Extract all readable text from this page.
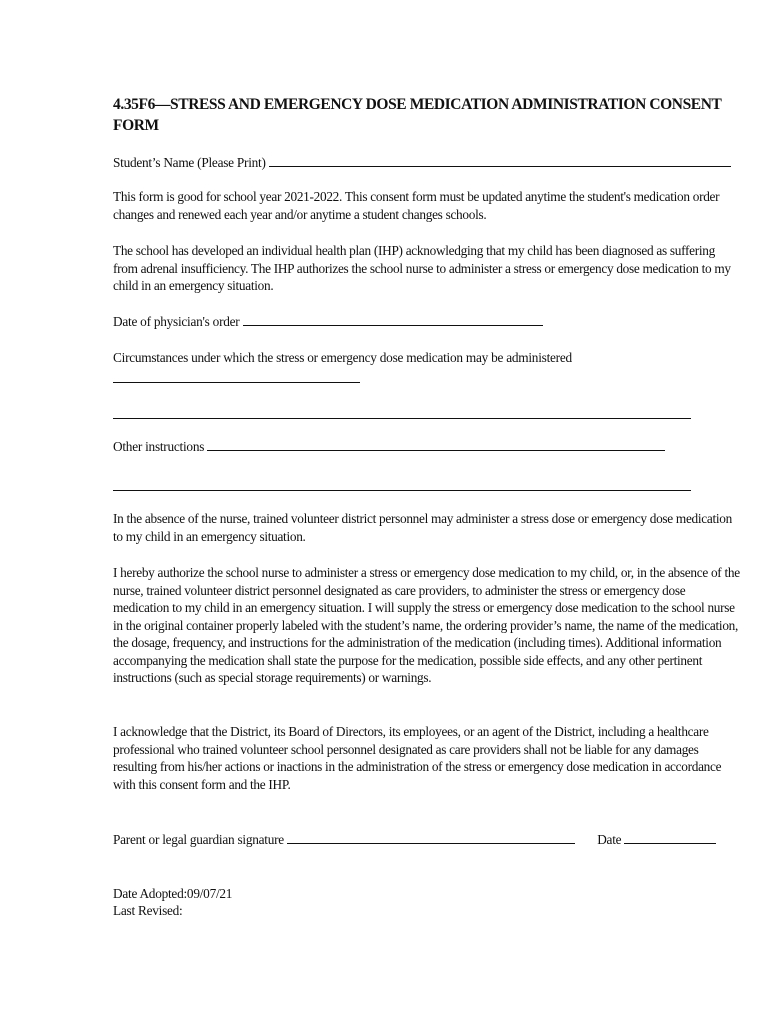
4.35F6—STRESS AND EMERGENCY DOSE MEDICATION ADMINISTRATION CONSENT FORM

Student’s Name (Please Print)

This form is good for school year 2021-2022. This consent form must be updated anytime the student's medication order changes and renewed each year and/or anytime a student changes schools.

The school has developed an individual health plan (IHP) acknowledging that my child has been diagnosed as suffering from adrenal insufficiency. The IHP authorizes the school nurse to administer a stress or emergency dose medication to my child in an emergency situation.

Date of physician's order

Circumstances under which the stress or emergency dose medication may be administered

Other instructions

In the absence of the nurse, trained volunteer district personnel may administer a stress dose or emergency dose medication to my child in an emergency situation.

I hereby authorize the school nurse to administer a stress or emergency dose medication to my child, or, in the absence of the nurse, trained volunteer district personnel designated as care providers, to administer the stress or emergency dose medication to my child in an emergency situation. I will supply the stress or emergency dose medication to the school nurse in the original container properly labeled with the student’s name, the ordering provider’s name, the name of the medication, the dosage, frequency, and instructions for the administration of the medication (including times). Additional information accompanying the medication shall state the purpose for the medication, possible side effects, and any other pertinent instructions (such as special storage requirements) or warnings.

I acknowledge that the District, its Board of Directors, its employees, or an agent of the District, including a healthcare professional who trained volunteer school personnel designated as care providers shall not be liable for any damages resulting from his/her actions or inactions in the administration of the stress or emergency dose medication in accordance with this consent form and the IHP.

Parent or legal guardian signature	Date

Date Adopted:09/07/21

Last Revised:
